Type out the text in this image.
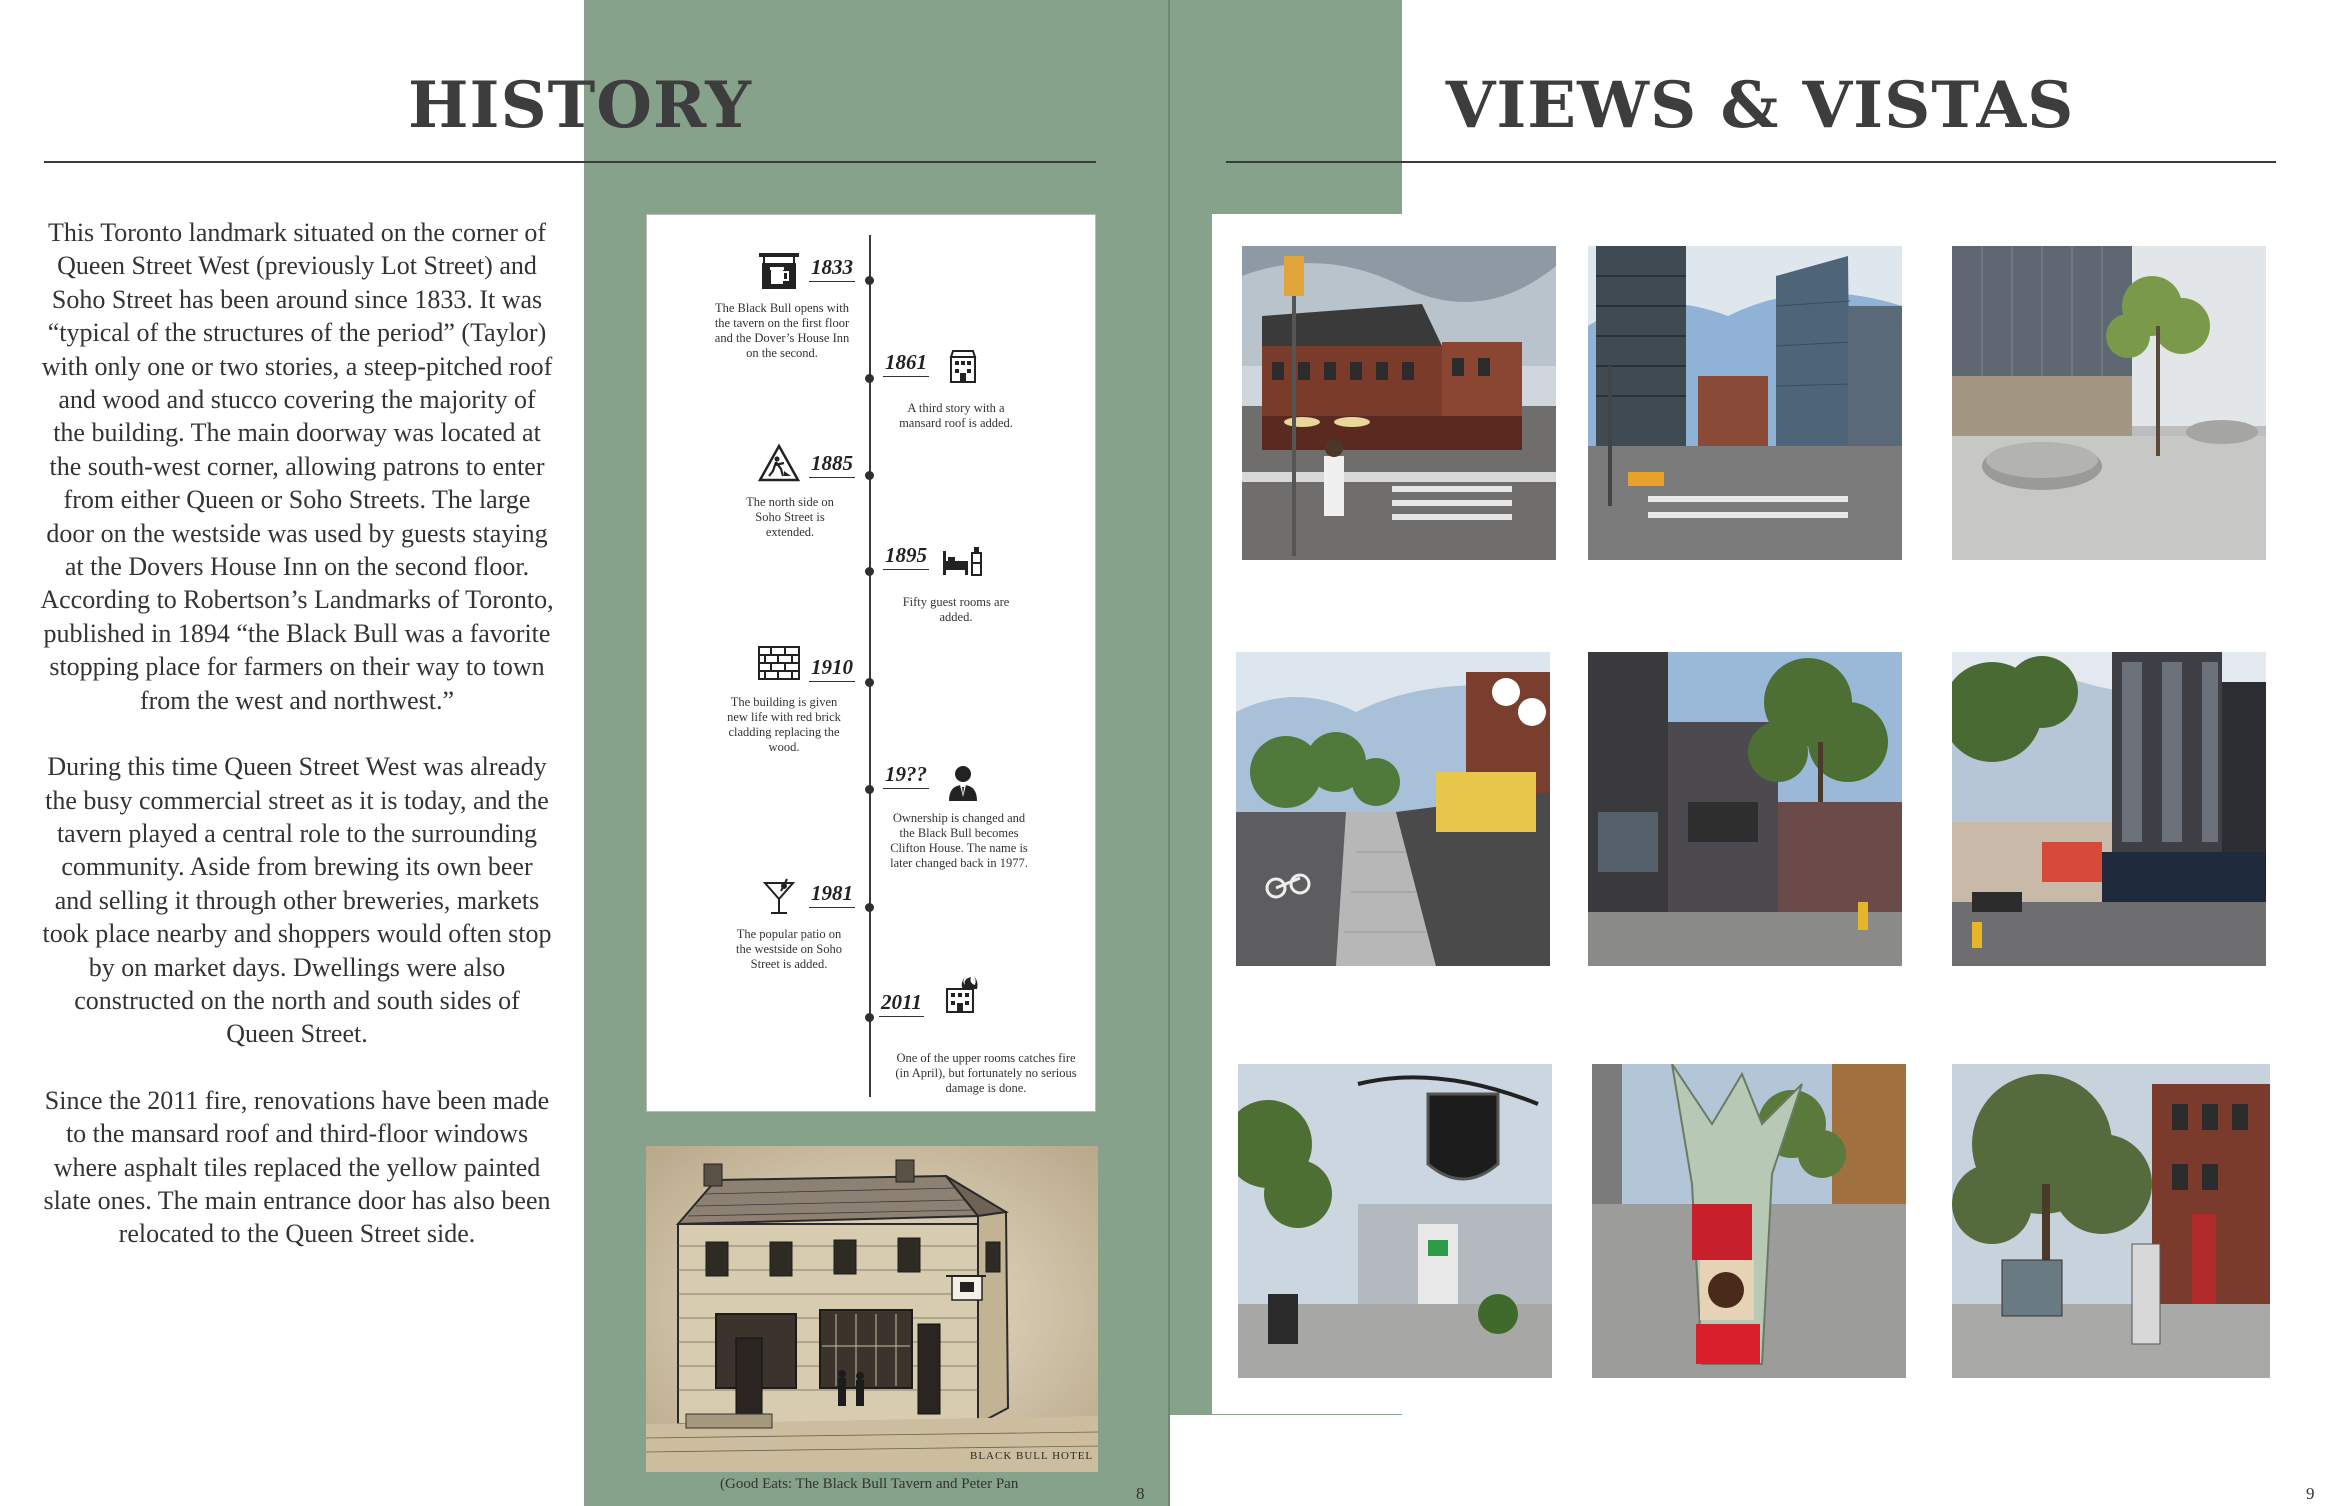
HISTORY

This Toronto landmark situated on the corner of Queen Street West (previously Lot Street) and Soho Street has been around since 1833. It was “typical of the structures of the period” (Taylor) with only one or two stories, a steep-pitched roof and wood and stucco covering the majority of the building. The main doorway was located at the south-west corner, allowing patrons to enter from either Queen or Soho Streets. The large door on the westside was used by guests staying at the Dovers House Inn on the second floor. According to Robertson’s Landmarks of Toronto, published in 1894 “the Black Bull was a favorite stopping place for farmers on their way to town from the west and northwest.”

During this time Queen Street West was already the busy commercial street as it is today, and the tavern played a central role to the surrounding community. Aside from brewing its own beer and selling it through other breweries, markets took place nearby and shoppers would often stop by on market days. Dwellings were also constructed on the north and south sides of Queen Street.

Since the 2011 fire, renovations have been made to the mansard roof and third-floor windows where asphalt tiles replaced the yellow painted slate ones. The main entrance door has also been relocated to the Queen Street side.

1833
The Black Bull opens with the tavern on the first floor and the Dover’s House Inn on the second.	1861
A third story with a mansard roof is added.
1885
The north side on Soho Street is extended.
1895
Fifty guest rooms are added.
1910
The building is given new life with red brick cladding replacing the wood.
19??
Ownership is changed and the Black Bull becomes Clifton House. The name is later changed back in 1977.
1981
The popular patio on the westside on Soho Street is added.
2011
One of the upper rooms catches fire (in April), but fortunately no serious damage is done.
BLACK BULL HOTEL
(Good Eats: The Black Bull Tavern and Peter Pan	8
VIEWS & VISTAS
9
